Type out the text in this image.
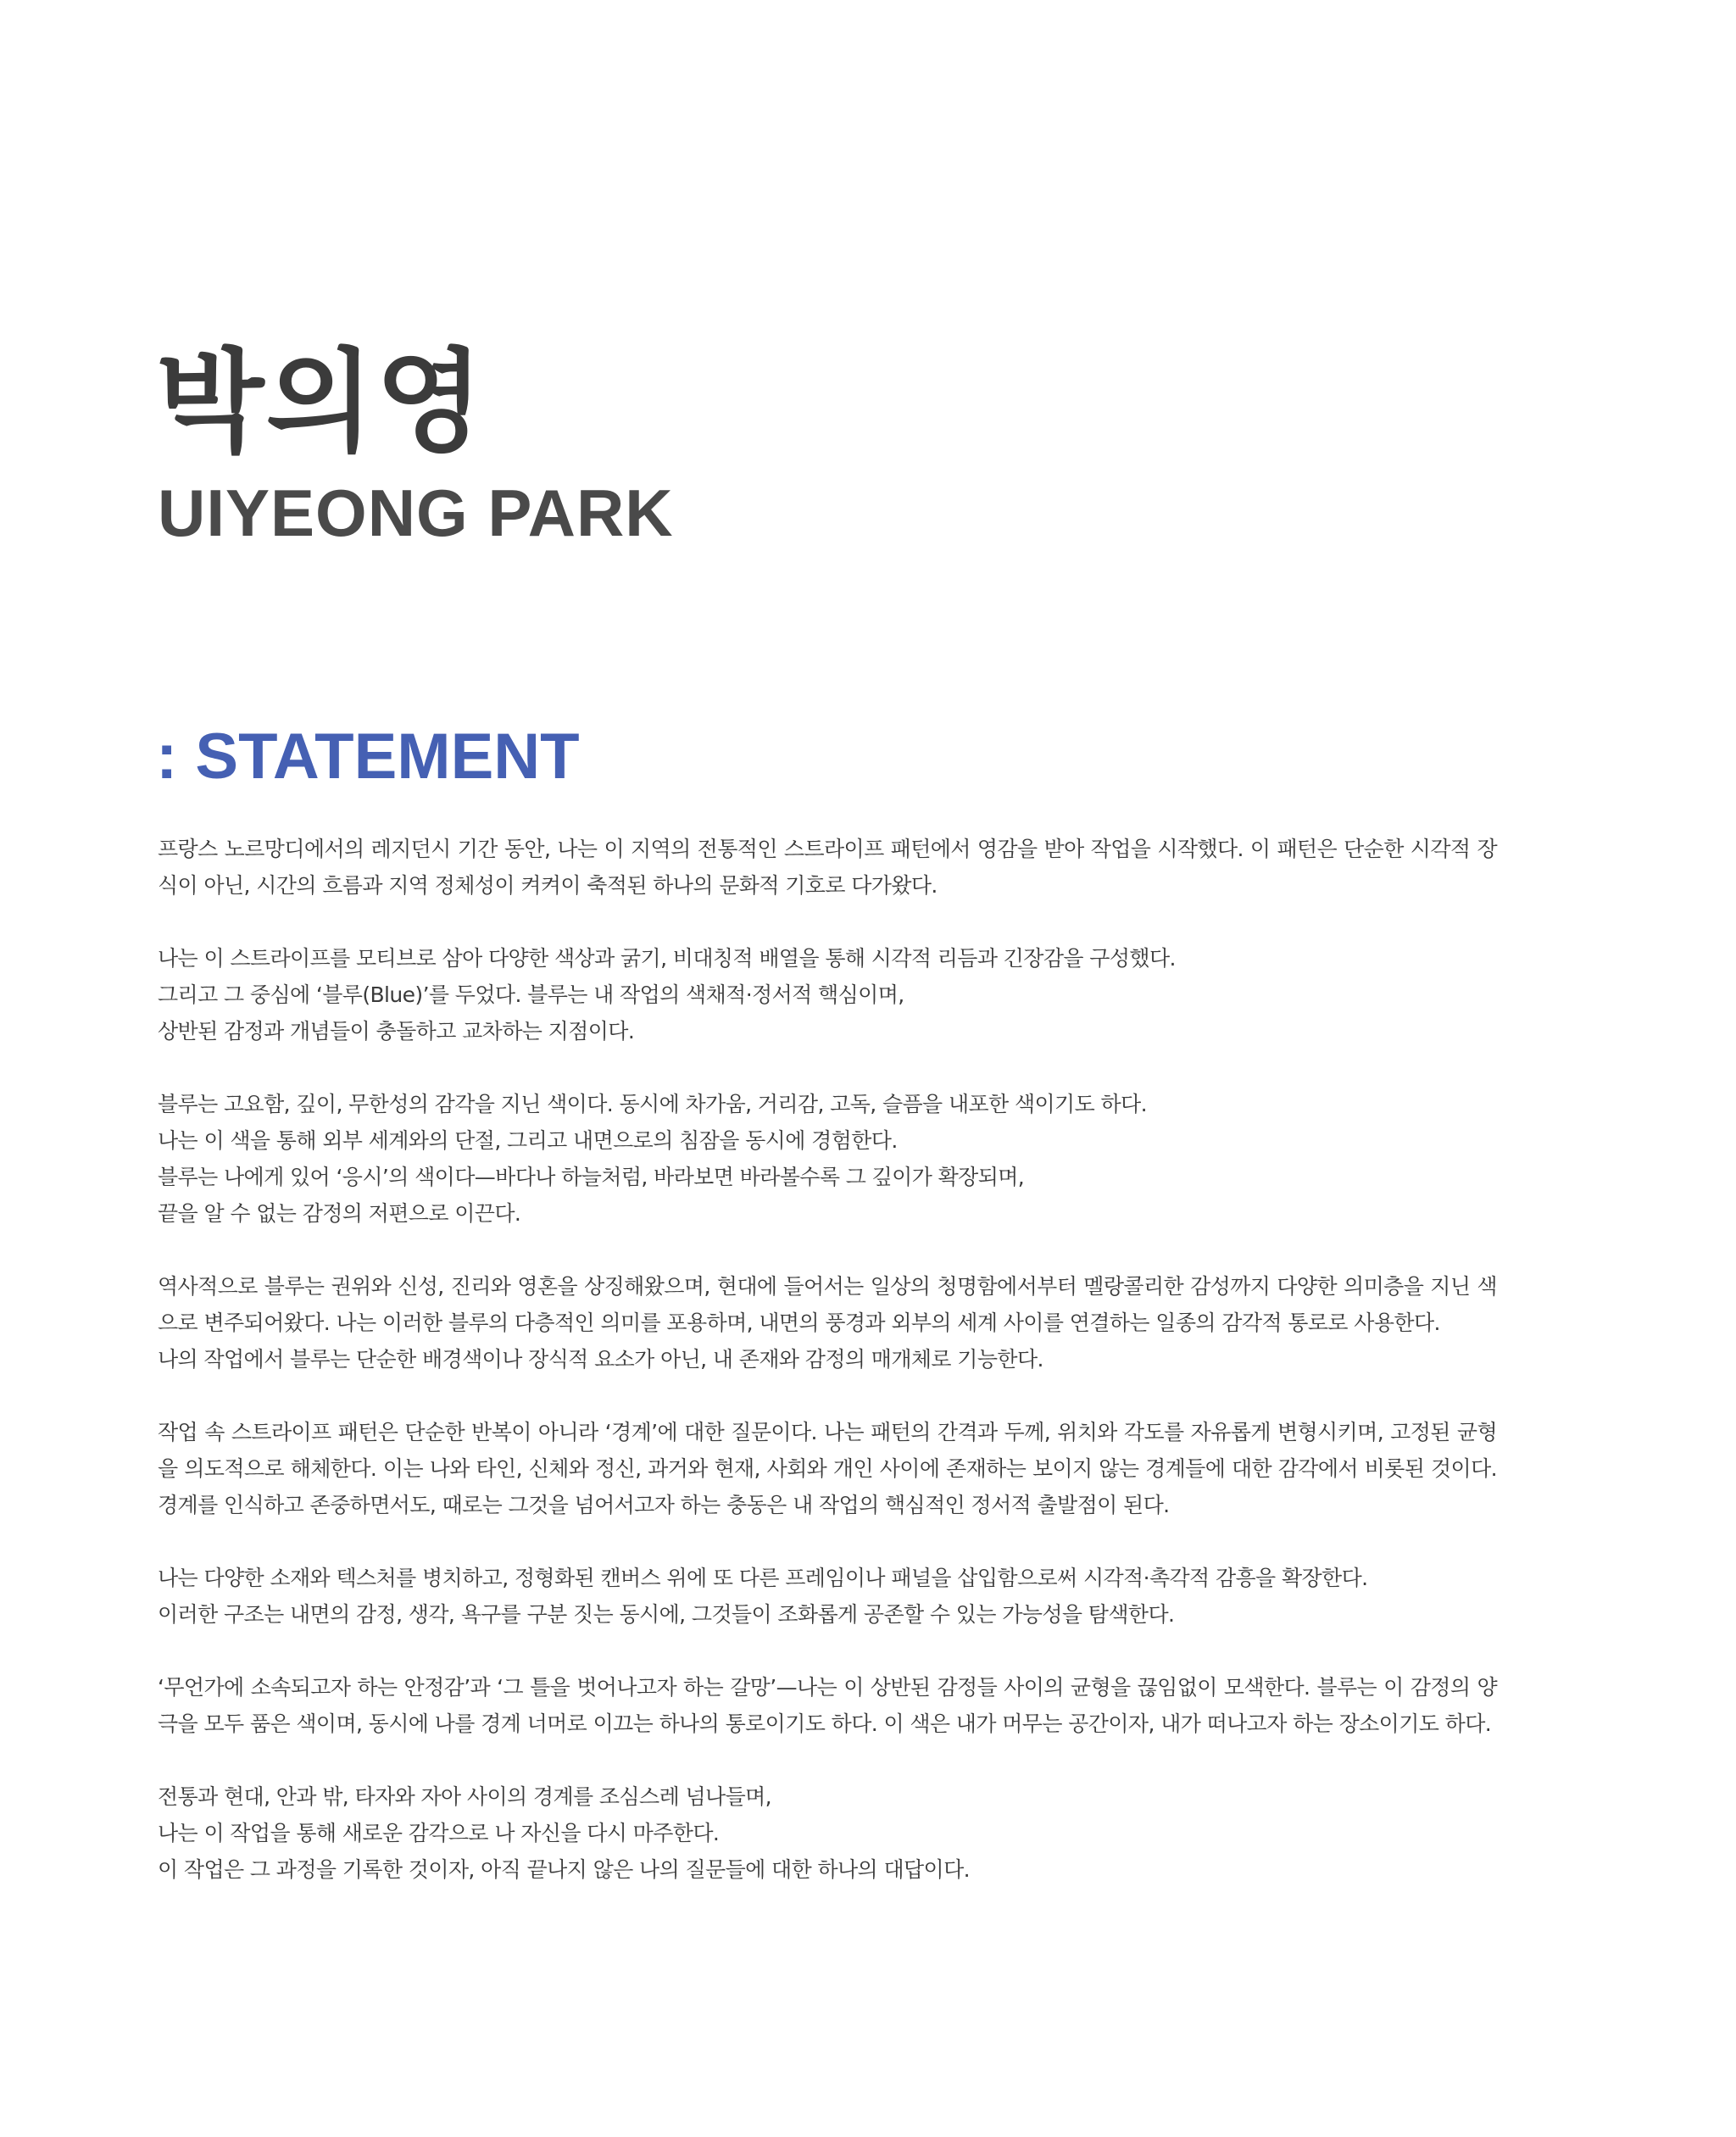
박의영
UIYEONG PARK
: STATEMENT

프랑스 노르망디에서의 레지던시 기간 동안, 나는 이 지역의 전통적인 스트라이프 패턴에서 영감을 받아 작업을 시작했다. 이 패턴은 단순한 시각적 장식이 아닌, 시간의 흐름과 지역 정체성이 켜켜이 축적된 하나의 문화적 기호로 다가왔다.

나는 이 스트라이프를 모티브로 삼아 다양한 색상과 굵기, 비대칭적 배열을 통해 시각적 리듬과 긴장감을 구성했다.
그리고 그 중심에 ‘블루(Blue)’를 두었다. 블루는 내 작업의 색채적·정서적 핵심이며,
상반된 감정과 개념들이 충돌하고 교차하는 지점이다.

블루는 고요함, 깊이, 무한성의 감각을 지닌 색이다. 동시에 차가움, 거리감, 고독, 슬픔을 내포한 색이기도 하다.
나는 이 색을 통해 외부 세계와의 단절, 그리고 내면으로의 침잠을 동시에 경험한다.
블루는 나에게 있어 ‘응시’의 색이다—바다나 하늘처럼, 바라보면 바라볼수록 그 깊이가 확장되며,
끝을 알 수 없는 감정의 저편으로 이끈다.

역사적으로 블루는 권위와 신성, 진리와 영혼을 상징해왔으며, 현대에 들어서는 일상의 청명함에서부터 멜랑콜리한 감성까지 다양한 의미층을 지닌 색으로 변주되어왔다. 나는 이러한 블루의 다층적인 의미를 포용하며, 내면의 풍경과 외부의 세계 사이를 연결하는 일종의 감각적 통로로 사용한다.
나의 작업에서 블루는 단순한 배경색이나 장식적 요소가 아닌, 내 존재와 감정의 매개체로 기능한다.

작업 속 스트라이프 패턴은 단순한 반복이 아니라 ‘경계’에 대한 질문이다. 나는 패턴의 간격과 두께, 위치와 각도를 자유롭게 변형시키며, 고정된 균형을 의도적으로 해체한다. 이는 나와 타인, 신체와 정신, 과거와 현재, 사회와 개인 사이에 존재하는 보이지 않는 경계들에 대한 감각에서 비롯된 것이다. 경계를 인식하고 존중하면서도, 때로는 그것을 넘어서고자 하는 충동은 내 작업의 핵심적인 정서적 출발점이 된다.

나는 다양한 소재와 텍스처를 병치하고, 정형화된 캔버스 위에 또 다른 프레임이나 패널을 삽입함으로써 시각적·촉각적 감흥을 확장한다.
이러한 구조는 내면의 감정, 생각, 욕구를 구분 짓는 동시에, 그것들이 조화롭게 공존할 수 있는 가능성을 탐색한다.

‘무언가에 소속되고자 하는 안정감’과 ‘그 틀을 벗어나고자 하는 갈망’—나는 이 상반된 감정들 사이의 균형을 끊임없이 모색한다. 블루는 이 감정의 양극을 모두 품은 색이며, 동시에 나를 경계 너머로 이끄는 하나의 통로이기도 하다. 이 색은 내가 머무는 공간이자, 내가 떠나고자 하는 장소이기도 하다.

전통과 현대, 안과 밖, 타자와 자아 사이의 경계를 조심스레 넘나들며,
나는 이 작업을 통해 새로운 감각으로 나 자신을 다시 마주한다.
이 작업은 그 과정을 기록한 것이자, 아직 끝나지 않은 나의 질문들에 대한 하나의 대답이다.
